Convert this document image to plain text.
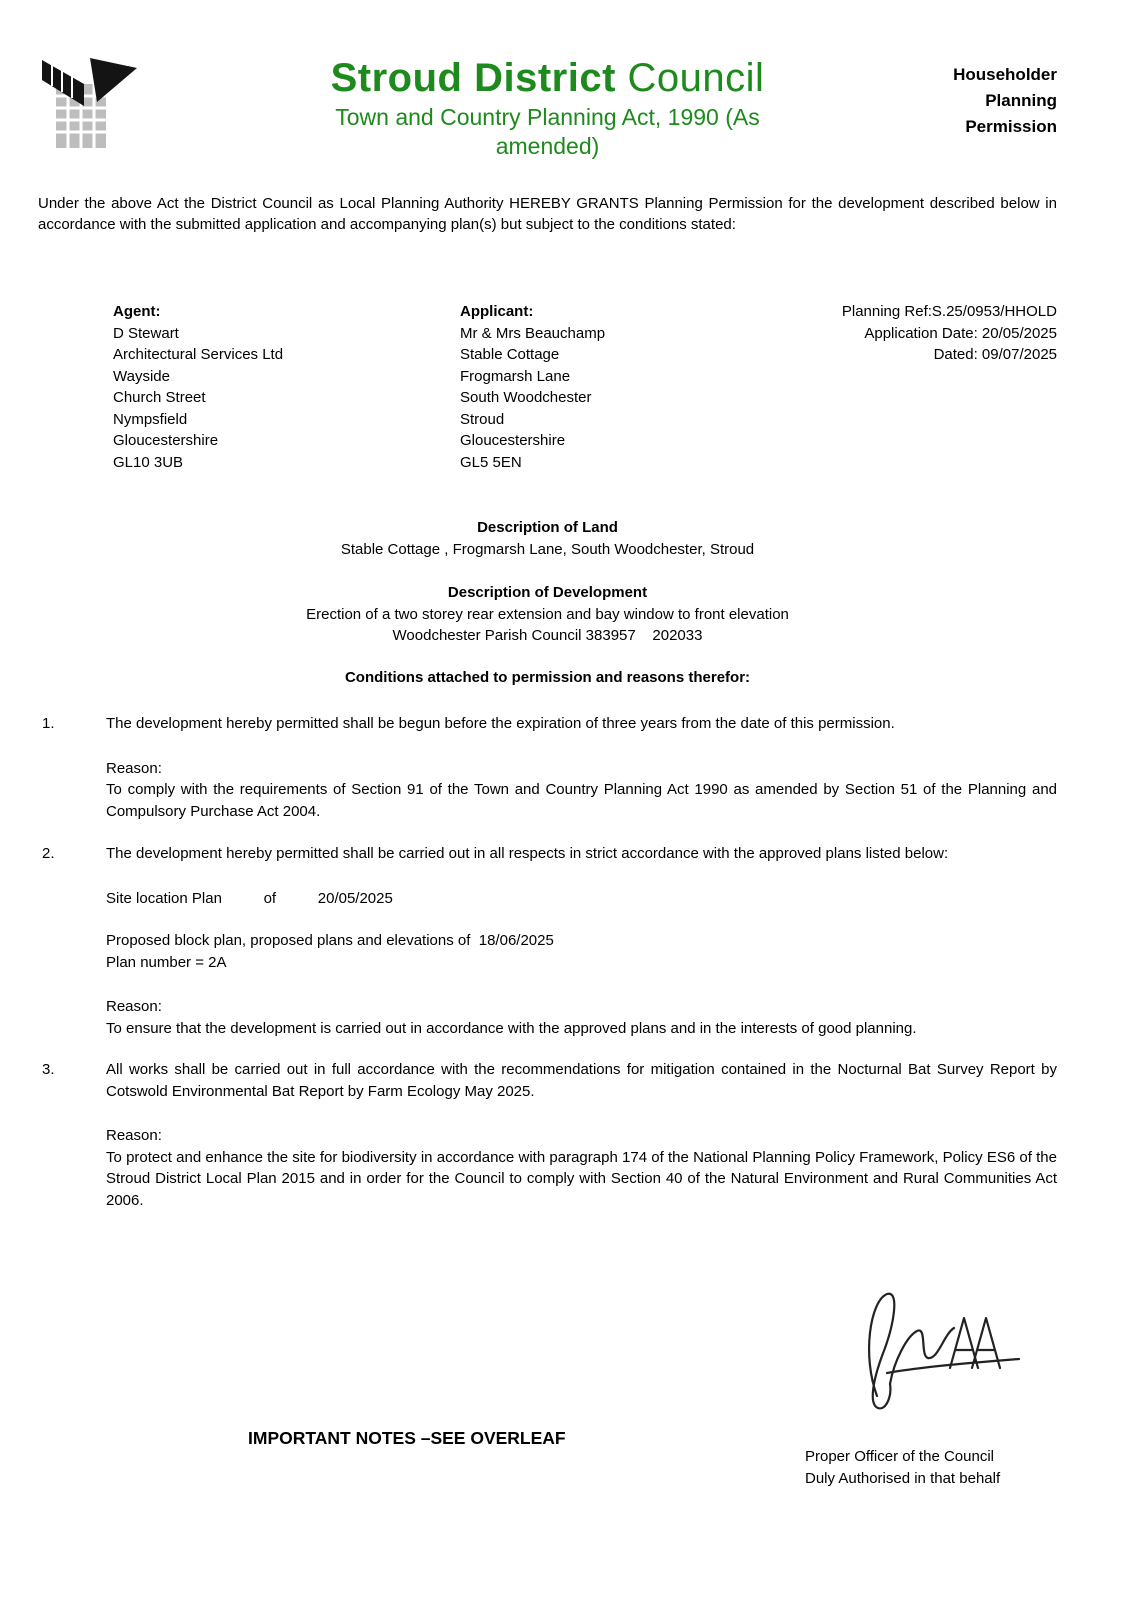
Householder
Planning
Permission
Stroud District Council
Town and Country Planning Act, 1990 (As amended)

Under the above Act the District Council as Local Planning Authority HEREBY GRANTS Planning Permission for the development described below in accordance with the submitted application and accompanying plan(s) but subject to the conditions stated:

Agent:
D Stewart
Architectural Services Ltd
Wayside
Church Street
Nympsfield
Gloucestershire
GL10 3UB
Applicant:
Mr & Mrs Beauchamp
Stable Cottage
Frogmarsh Lane
South Woodchester
Stroud
Gloucestershire
GL5 5EN
Planning Ref:S.25/0953/HHOLD
Application Date: 20/05/2025
Dated: 09/07/2025
Description of Land
Stable Cottage , Frogmarsh Lane, South Woodchester, Stroud
Description of Development
Erection of a two storey rear extension and bay window to front elevation
Woodchester Parish Council 383957    202033
Conditions attached to permission and reasons therefor:
1.	The development hereby permitted shall be begun before the expiration of three years from the date of this permission.

Reason:

To comply with the requirements of Section 91 of the Town and Country Planning Act 1990 as amended by Section 51 of the Planning and Compulsory Purchase Act 2004.

2.	The development hereby permitted shall be carried out in all respects in strict accordance with the approved plans listed below:

Site location Plan          of          20/05/2025

Proposed block plan, proposed plans and elevations of  18/06/2025

Plan number = 2A

Reason:

To ensure that the development is carried out in accordance with the approved plans and in the interests of good planning.

3.	All works shall be carried out in full accordance with the recommendations for mitigation contained in the Nocturnal Bat Survey Report by Cotswold Environmental Bat Report by Farm Ecology May 2025.

Reason:

To protect and enhance the site for biodiversity in accordance with paragraph 174 of the National Planning Policy Framework, Policy ES6 of the Stroud District Local Plan 2015 and in order for the Council to comply with Section 40 of the Natural Environment and Rural Communities Act 2006.

IMPORTANT NOTES –SEE OVERLEAF
Proper Officer of the Council
Duly Authorised in that behalf
